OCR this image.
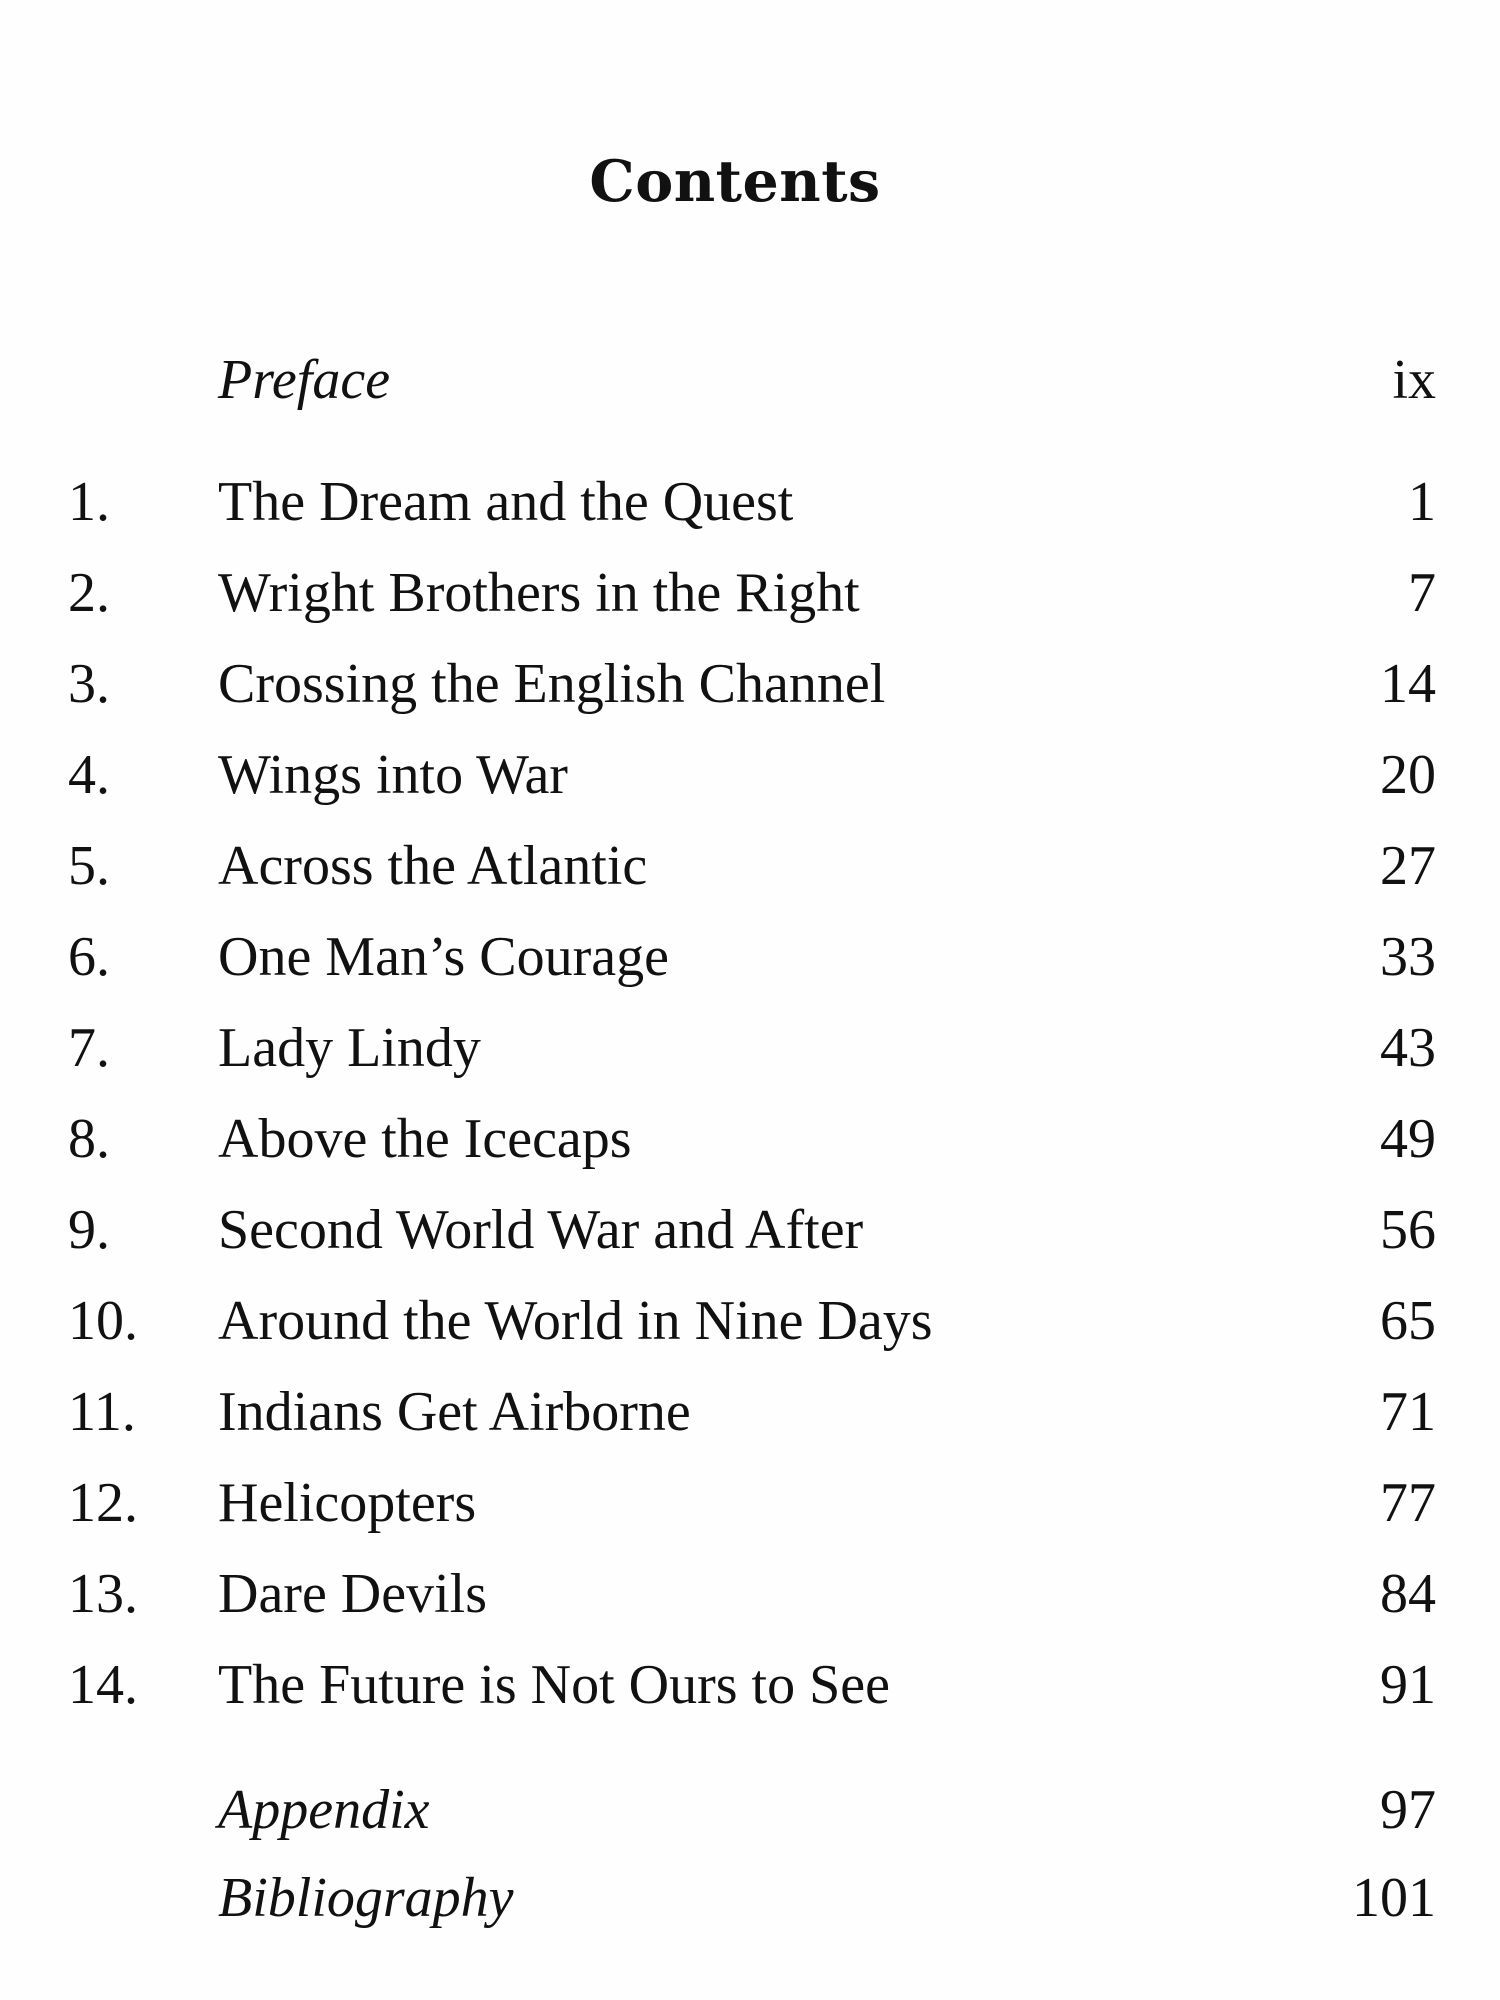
Contents
Preface	ix
1. The Dream and the Quest	1
2. Wright Brothers in the Right	7
3. Crossing the English Channel	14
4. Wings into War	20
5. Across the Atlantic	27
6. One Man’s Courage	33
7. Lady Lindy	43
8. Above the Icecaps	49
9. Second World War and After	56
10. Around the World in Nine Days	65
11. Indians Get Airborne	71
12. Helicopters	77
13. Dare Devils	84
14. The Future is Not Ours to See	91
Appendix	97
Bibliography	101
